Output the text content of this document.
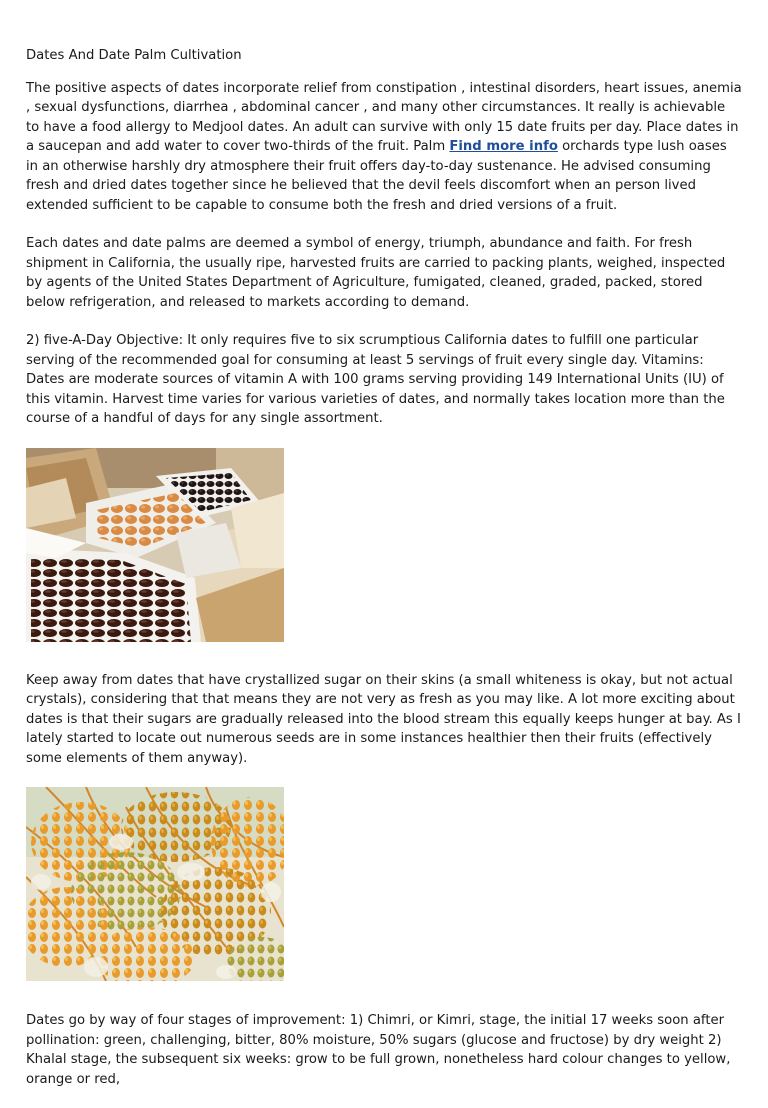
Dates And Date Palm Cultivation

The positive aspects of dates incorporate relief from constipation , intestinal disorders, heart issues, anemia , sexual dysfunctions, diarrhea , abdominal cancer , and many other circumstances. It really is achievable to have a food allergy to Medjool dates. An adult can survive with only 15 date fruits per day. Place dates in a saucepan and add water to cover two-thirds of the fruit. Palm Find more info orchards type lush oases in an otherwise harshly dry atmosphere their fruit offers day-to-day sustenance. He advised consuming fresh and dried dates together since he believed that the devil feels discomfort when an person lived extended sufficient to be capable to consume both the fresh and dried versions of a fruit.

Each dates and date palms are deemed a symbol of energy, triumph, abundance and faith. For fresh shipment in California, the usually ripe, harvested fruits are carried to packing plants, weighed, inspected by agents of the United States Department of Agriculture, fumigated, cleaned, graded, packed, stored below refrigeration, and released to markets according to demand.

2) five-A-Day Objective: It only requires five to six scrumptious California dates to fulfill one particular serving of the recommended goal for consuming at least 5 servings of fruit every single day. Vitamins: Dates are moderate sources of vitamin A with 100 grams serving providing 149 International Units (IU) of this vitamin. Harvest time varies for various varieties of dates, and normally takes location more than the course of a handful of days for any single assortment.

Keep away from dates that have crystallized sugar on their skins (a small whiteness is okay, but not actual crystals), considering that that means they are not very as fresh as you may like. A lot more exciting about dates is that their sugars are gradually released into the blood stream this equally keeps hunger at bay. As I lately started to locate out numerous seeds are in some instances healthier then their fruits (effectively some elements of them anyway).

Dates go by way of four stages of improvement: 1) Chimri, or Kimri, stage, the initial 17 weeks soon after pollination: green, challenging, bitter, 80% moisture, 50% sugars (glucose and fructose) by dry weight 2) Khalal stage, the subsequent six weeks: grow to be full grown, nonetheless hard colour changes to yellow, orange or red,
